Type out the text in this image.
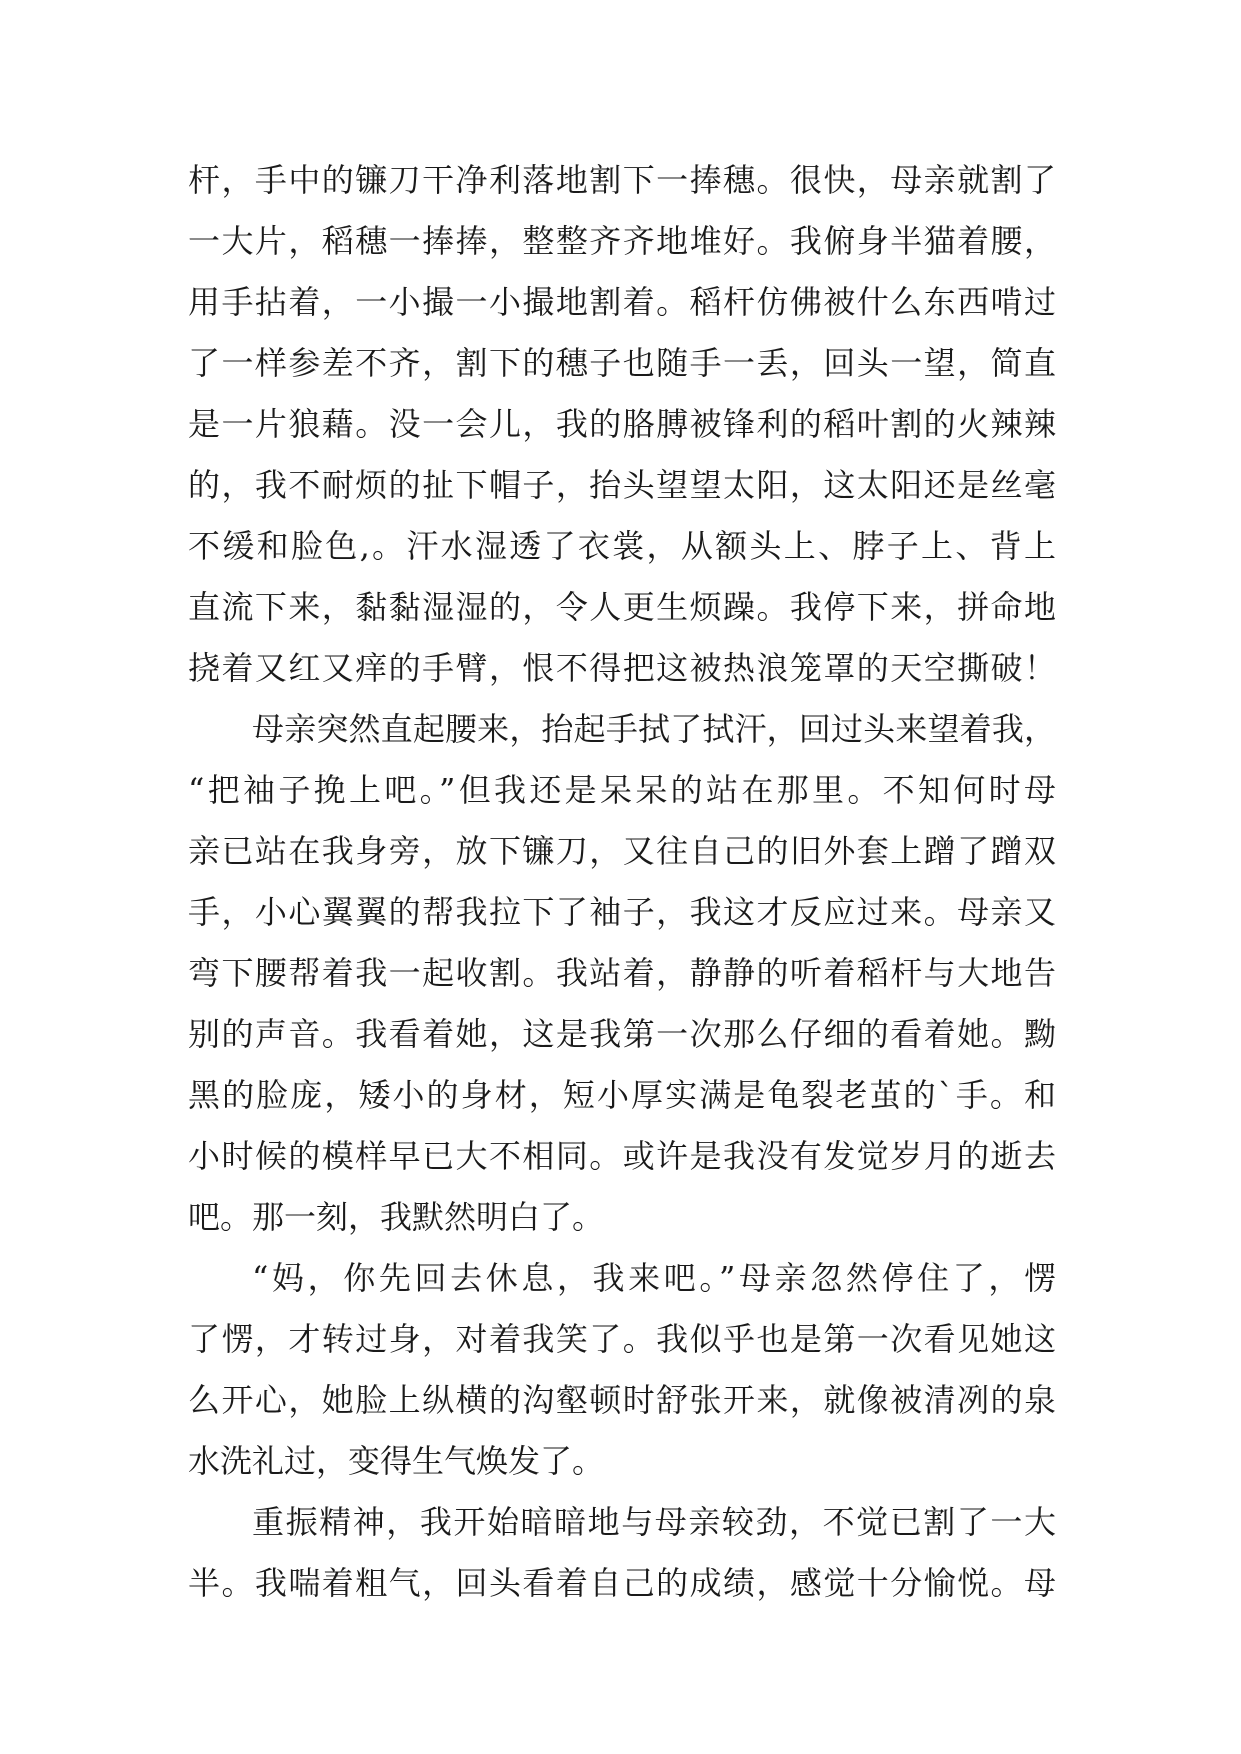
杆，手中的镰刀干净利落地割下一捧穗。很快，母亲就割了
一大片，稻穗一捧捧，整整齐齐地堆好。我俯身半猫着腰，
用手拈着，一小撮一小撮地割着。稻杆仿佛被什么东西啃过
了一样参差不齐，割下的穗子也随手一丢，回头一望，简直
是一片狼藉。没一会儿，我的胳膊被锋利的稻叶割的火辣辣
的，我不耐烦的扯下帽子，抬头望望太阳，这太阳还是丝毫
不缓和脸色,。汗水湿透了衣裳，从额头上、脖子上、背上
直流下来，黏黏湿湿的，令人更生烦躁。我停下来，拼命地
挠着又红又痒的手臂，恨不得把这被热浪笼罩的天空撕破！
母亲突然直起腰来，抬起手拭了拭汗，回过头来望着我，
“把袖子挽上吧。”但我还是呆呆的站在那里。不知何时母
亲已站在我身旁，放下镰刀，又往自己的旧外套上蹭了蹭双
手，小心翼翼的帮我拉下了袖子，我这才反应过来。母亲又
弯下腰帮着我一起收割。我站着，静静的听着稻杆与大地告
别的声音。我看着她，这是我第一次那么仔细的看着她。黝
黑的脸庞，矮小的身材，短小厚实满是龟裂老茧的`手。和
小时候的模样早已大不相同。或许是我没有发觉岁月的逝去
吧。那一刻，我默然明白了。
“妈，你先回去休息，我来吧。”母亲忽然停住了，愣
了愣，才转过身，对着我笑了。我似乎也是第一次看见她这
么开心，她脸上纵横的沟壑顿时舒张开来，就像被清冽的泉
水洗礼过，变得生气焕发了。
重振精神，我开始暗暗地与母亲较劲，不觉已割了一大
半。我喘着粗气，回头看着自己的成绩，感觉十分愉悦。母
